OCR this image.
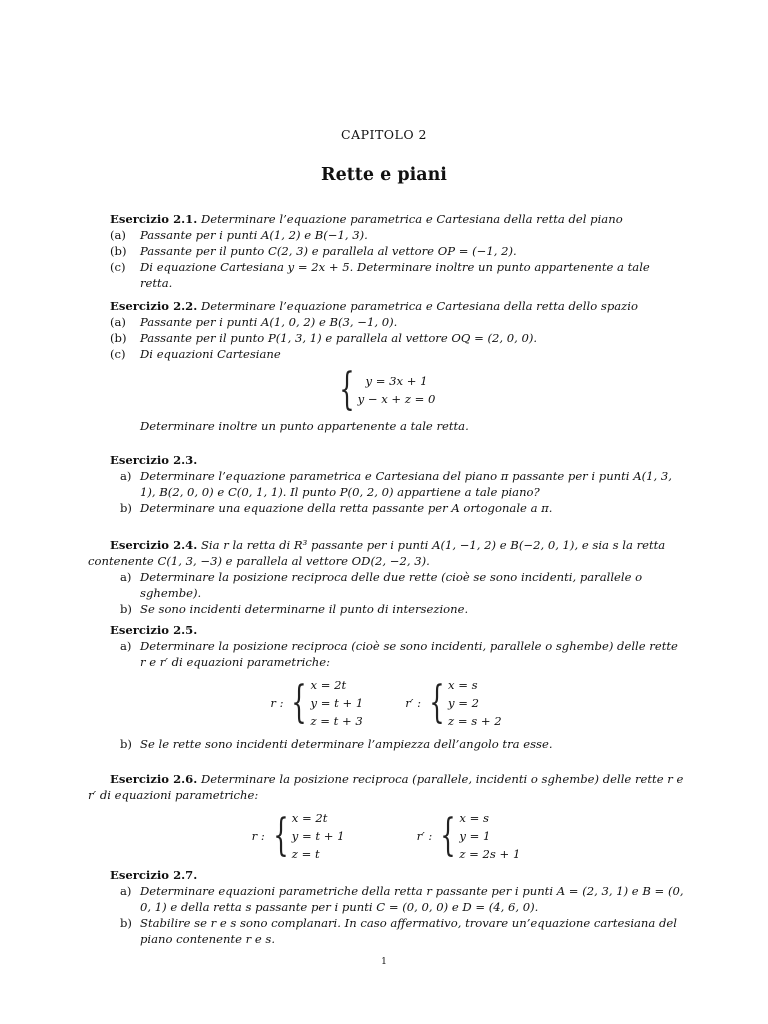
CAPITOLO 2
Rette e piani
Esercizio 2.1. Determinare l’equazione parametrica e Cartesiana della retta del piano
(a) Passante per i punti A(1, 2) e B(−1, 3).
(b) Passante per il punto C(2, 3) e parallela al vettore OP = (−1, 2).
(c) Di equazione Cartesiana y = 2x + 5. Determinare inoltre un punto appartenente a tale retta.
Esercizio 2.2. Determinare l’equazione parametrica e Cartesiana della retta dello spazio
(a) Passante per i punti A(1, 0, 2) e B(3, −1, 0).
(b) Passante per il punto P(1, 3, 1) e parallela al vettore OQ = (2, 0, 0).
(c) Di equazioni Cartesiane
{ y = 3x + 1
y − x + z = 0
Determinare inoltre un punto appartenente a tale retta.
Esercizio 2.3.
a) Determinare l’equazione parametrica e Cartesiana del piano π passante per i punti A(1, 3, 1), B(2, 0, 0) e C(0, 1, 1). Il punto P(0, 2, 0) appartiene a tale piano?
b) Determinare una equazione della retta passante per A ortogonale a π.
Esercizio 2.4. Sia r la retta di R³ passante per i punti A(1, −1, 2) e B(−2, 0, 1), e sia s la retta contenente C(1, 3, −3) e parallela al vettore OD(2, −2, 3).
a) Determinare la posizione reciproca delle due rette (cioè se sono incidenti, parallele o sghembe).
b) Se sono incidenti determinarne il punto di intersezione.
Esercizio 2.5.
a) Determinare la posizione reciproca (cioè se sono incidenti, parallele o sghembe) delle rette r e r′ di equazioni parametriche:
r : { x = 2t
y = t + 1
z = t + 3
r′ : { x = s
y = 2
z = s + 2
b) Se le rette sono incidenti determinare l’ampiezza dell’angolo tra esse.
Esercizio 2.6. Determinare la posizione reciproca (parallele, incidenti o sghembe) delle rette r e r′ di equazioni parametriche:
r : { x = 2t
y = t + 1
z = t
r′ : { x = s
y = 1
z = 2s + 1
Esercizio 2.7.
a) Determinare equazioni parametriche della retta r passante per i punti A = (2, 3, 1) e B = (0, 0, 1) e della retta s passante per i punti C = (0, 0, 0) e D = (4, 6, 0).
b) Stabilire se r e s sono complanari. In caso affermativo, trovare un’equazione cartesiana del piano contenente r e s.
1
